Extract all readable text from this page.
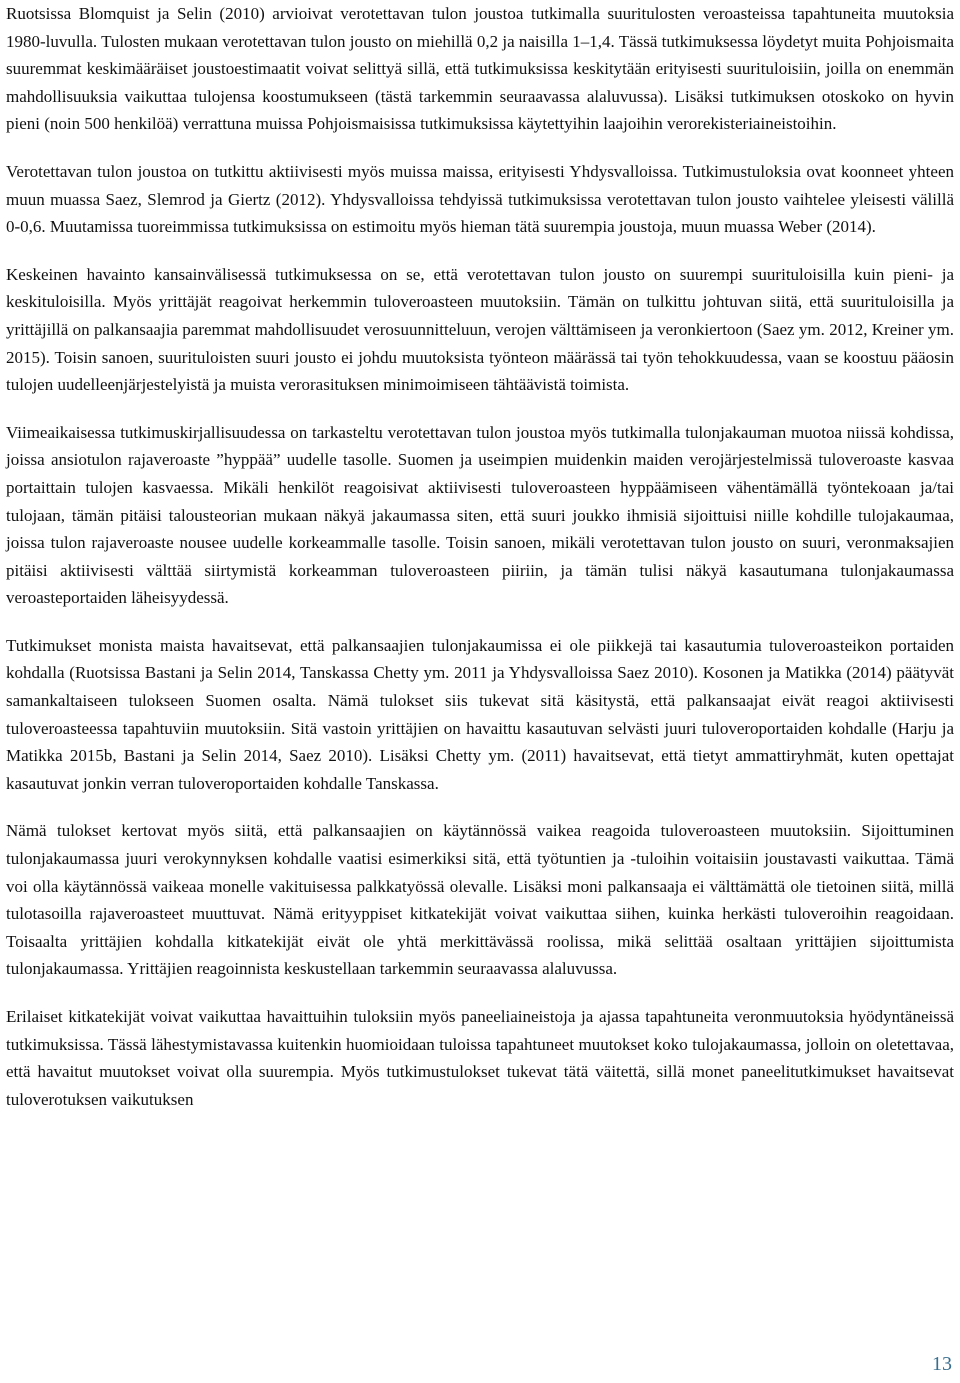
Ruotsissa Blomquist ja Selin (2010) arvioivat verotettavan tulon joustoa tutkimalla suuritulosten veroasteissa tapahtuneita muutoksia 1980-luvulla. Tulosten mukaan verotettavan tulon jousto on miehillä 0,2 ja naisilla 1–1,4. Tässä tutkimuksessa löydetyt muita Pohjoismaita suuremmat keskimääräiset joustoestimaatit voivat selittyä sillä, että tutkimuksissa keskitytään erityisesti suurituloisiin, joilla on enemmän mahdollisuuksia vaikuttaa tulojensa koostumukseen (tästä tarkemmin seuraavassa alaluvussa). Lisäksi tutkimuksen otoskoko on hyvin pieni (noin 500 henkilöä) verrattuna muissa Pohjoismaisissa tutkimuksissa käytettyihin laajoihin verorekisteriaineistoihin.

Verotettavan tulon joustoa on tutkittu aktiivisesti myös muissa maissa, erityisesti Yhdysvalloissa. Tutkimustuloksia ovat koonneet yhteen muun muassa Saez, Slemrod ja Giertz (2012). Yhdysvalloissa tehdyissä tutkimuksissa verotettavan tulon jousto vaihtelee yleisesti välillä 0-0,6. Muutamissa tuoreimmissa tutkimuksissa on estimoitu myös hieman tätä suurempia joustoja, muun muassa Weber (2014).

Keskeinen havainto kansainvälisessä tutkimuksessa on se, että verotettavan tulon jousto on suurempi suurituloisilla kuin pieni- ja keskituloisilla. Myös yrittäjät reagoivat herkemmin tuloveroasteen muutoksiin. Tämän on tulkittu johtuvan siitä, että suurituloisilla ja yrittäjillä on palkansaajia paremmat mahdollisuudet verosuunnitteluun, verojen välttämiseen ja veronkiertoon (Saez ym. 2012, Kreiner ym. 2015). Toisin sanoen, suurituloisten suuri jousto ei johdu muutoksista työnteon määrässä tai työn tehokkuudessa, vaan se koostuu pääosin tulojen uudelleenjärjestelyistä ja muista verorasituksen minimoimiseen tähtäävistä toimista.

Viimeaikaisessa tutkimuskirjallisuudessa on tarkasteltu verotettavan tulon joustoa myös tutkimalla tulonjakauman muotoa niissä kohdissa, joissa ansiotulon rajaveroaste ”hyppää” uudelle tasolle. Suomen ja useimpien muidenkin maiden verojärjestelmissä tuloveroaste kasvaa portaittain tulojen kasvaessa. Mikäli henkilöt reagoisivat aktiivisesti tuloveroasteen hyppäämiseen vähentämällä työntekoaan ja/tai tulojaan, tämän pitäisi talousteorian mukaan näkyä jakaumassa siten, että suuri joukko ihmisiä sijoittuisi niille kohdille tulojakaumaa, joissa tulon rajaveroaste nousee uudelle korkeammalle tasolle. Toisin sanoen, mikäli verotettavan tulon jousto on suuri, veronmaksajien pitäisi aktiivisesti välttää siirtymistä korkeamman tuloveroasteen piiriin, ja tämän tulisi näkyä kasautumana tulonjakaumassa veroasteportaiden läheisyydessä.

Tutkimukset monista maista havaitsevat, että palkansaajien tulonjakaumissa ei ole piikkejä tai kasautumia tuloveroasteikon portaiden kohdalla (Ruotsissa Bastani ja Selin 2014, Tanskassa Chetty ym. 2011 ja Yhdysvalloissa Saez 2010). Kosonen ja Matikka (2014) päätyvät samankaltaiseen tulokseen Suomen osalta. Nämä tulokset siis tukevat sitä käsitystä, että palkansaajat eivät reagoi aktiivisesti tuloveroasteessa tapahtuviin muutoksiin. Sitä vastoin yrittäjien on havaittu kasautuvan selvästi juuri tuloveroportaiden kohdalle (Harju ja Matikka 2015b, Bastani ja Selin 2014, Saez 2010). Lisäksi Chetty ym. (2011) havaitsevat, että tietyt ammattiryhmät, kuten opettajat kasautuvat jonkin verran tuloveroportaiden kohdalle Tanskassa.

Nämä tulokset kertovat myös siitä, että palkansaajien on käytännössä vaikea reagoida tuloveroasteen muutoksiin. Sijoittuminen tulonjakaumassa juuri verokynnyksen kohdalle vaatisi esimerkiksi sitä, että työtuntien ja -tuloihin voitaisiin joustavasti vaikuttaa. Tämä voi olla käytännössä vaikeaa monelle vakituisessa palkkatyössä olevalle. Lisäksi moni palkansaaja ei välttämättä ole tietoinen siitä, millä tulotasoilla rajaveroasteet muuttuvat. Nämä erityyppiset kitkatekijät voivat vaikuttaa siihen, kuinka herkästi tuloveroihin reagoidaan. Toisaalta yrittäjien kohdalla kitkatekijät eivät ole yhtä merkittävässä roolissa, mikä selittää osaltaan yrittäjien sijoittumista tulonjakaumassa. Yrittäjien reagoinnista keskustellaan tarkemmin seuraavassa alaluvussa.

Erilaiset kitkatekijät voivat vaikuttaa havaittuihin tuloksiin myös paneeliaineistoja ja ajassa tapahtuneita veronmuutoksia hyödyntäneissä tutkimuksissa. Tässä lähestymistavassa kuitenkin huomioidaan tuloissa tapahtuneet muutokset koko tulojakaumassa, jolloin on oletettavaa, että havaitut muutokset voivat olla suurempia. Myös tutkimustulokset tukevat tätä väitettä, sillä monet paneelitutkimukset havaitsevat tuloverotuksen vaikutuksen

13
